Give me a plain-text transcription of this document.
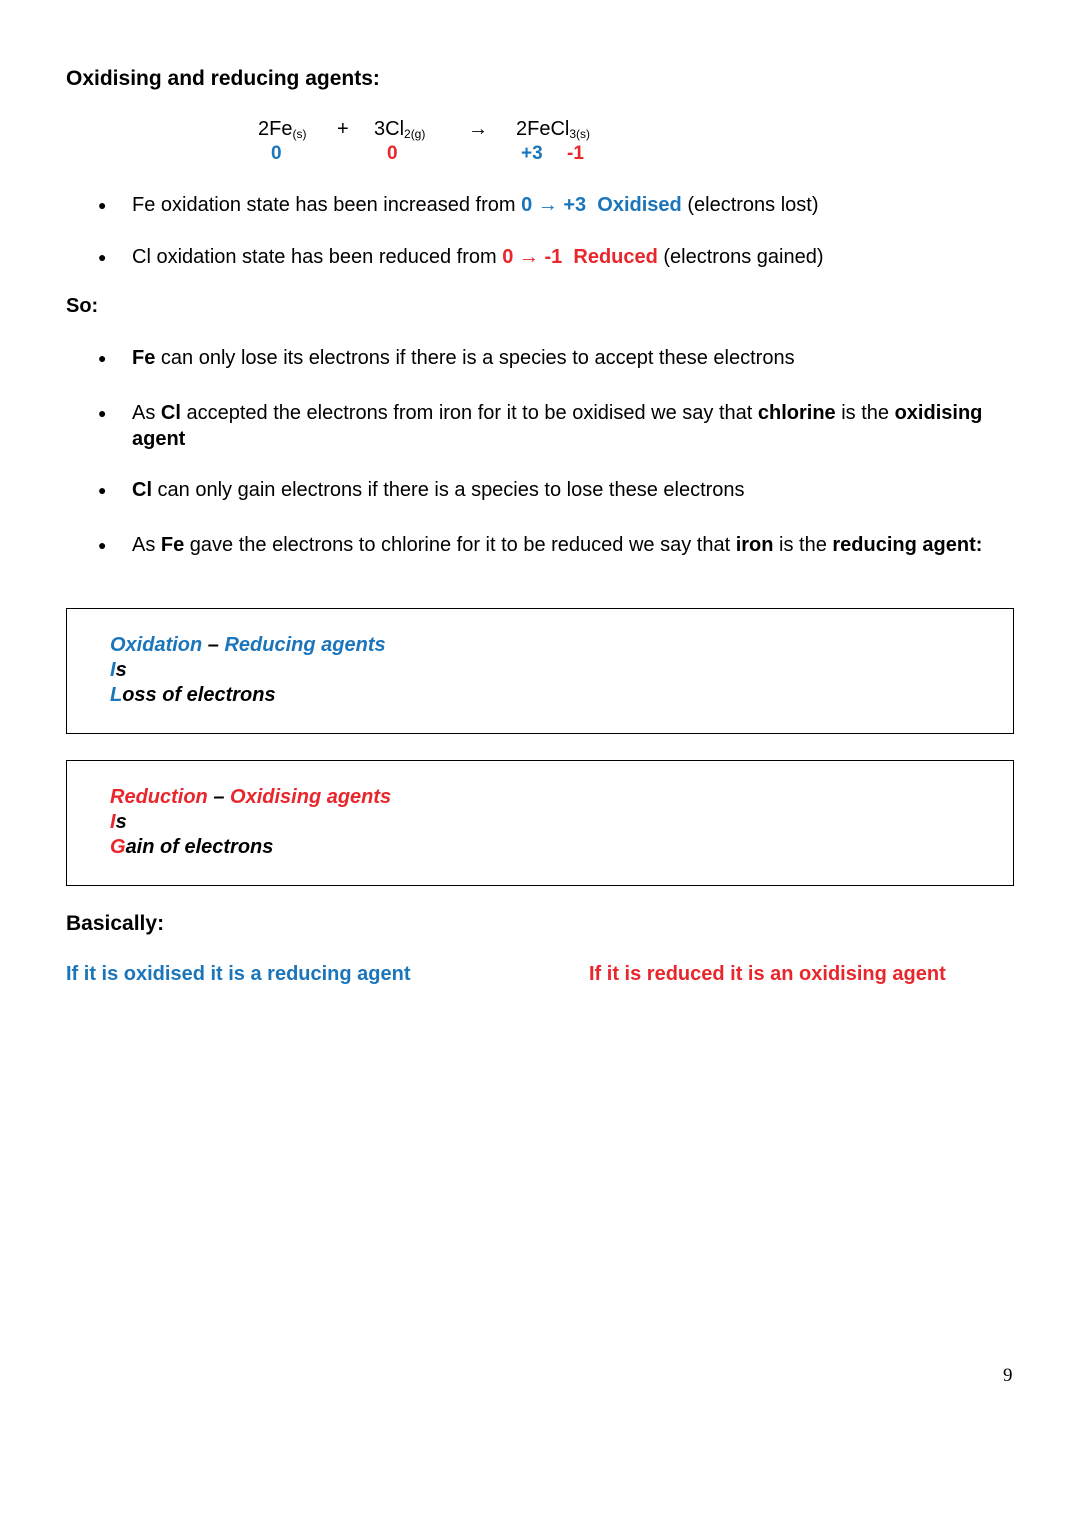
Oxidising and reducing agents:
$2Fe_{(s)} + 3Cl_{2(g)}$ → 2FeCl$_{3(s)}$
0	0	+3 -1
● Fe oxidation state has been increased from 0 → +3 Oxidised (electrons lost)
● Cl oxidation state has been reduced from 0 → -1 Reduced (electrons gained)
So:
● Fe can only lose its electrons if there is a species to accept these electrons
● As Cl accepted the electrons from iron for it to be oxidised we say that chlorine is the oxidising agent
● Cl can only gain electrons if there is a species to lose these electrons
● As Fe gave the electrons to chlorine for it to be reduced we say that iron is the reducing agent:
Oxidation – Reducing agents
Is
Loss of electrons
Reduction – Oxidising agents
Is
Gain of electrons
Basically:
If it is oxidised it is a reducing agent	If it is reduced it is an oxidising agent
9
